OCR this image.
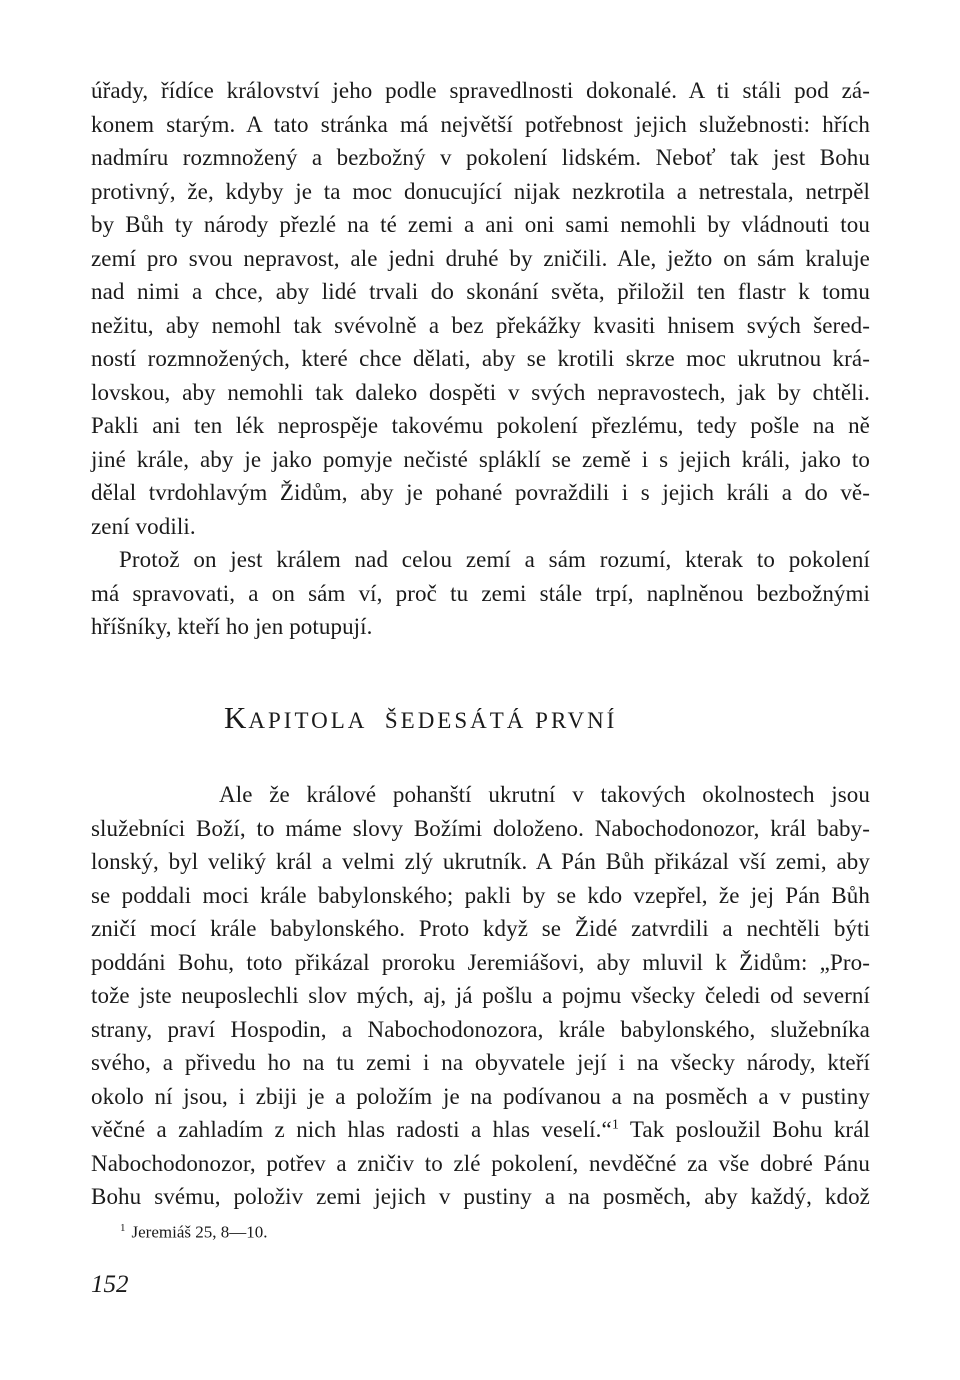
úřady, řídíce království jeho podle spravedlnosti dokonalé. A ti stáli pod zá-
konem starým. A tato stránka má největší potřebnost jejich služebnosti: hřích
nadmíru rozmnožený a bezbožný v pokolení lidském. Neboť tak jest Bohu
protivný, že, kdyby je ta moc donucující nijak nezkrotila a netrestala, netrpěl
by Bůh ty národy přezlé na té zemi a ani oni sami nemohli by vládnouti tou
zemí pro svou nepravost, ale jedni druhé by zničili. Ale, ježto on sám kraluje
nad nimi a chce, aby lidé trvali do skonání světa, přiložil ten flastr k tomu
nežitu, aby nemohl tak svévolně a bez překážky kvasiti hnisem svých šered-
ností rozmnožených, které chce dělati, aby se krotili skrze moc ukrutnou krá-
lovskou, aby nemohli tak daleko dospěti v svých nepravostech, jak by chtěli.
Pakli ani ten lék neprospěje takovému pokolení přezlému, tedy pošle na ně
jiné krále, aby je jako pomyje nečisté spláklí se země i s jejich králi, jako to
dělal tvrdohlavým Židům, aby je pohané povraždili i s jejich králi a do vě-
zení vodili.
Protož on jest králem nad celou zemí a sám rozumí, kterak to pokolení
má spravovati, a on sám ví, proč tu zemi stále trpí, naplněnou bezbožnými
hříšníky, kteří ho jen potupují.
KAPITOLA ŠEDESÁTÁ PRVNÍ
Ale že králové pohanští ukrutní v takových okolnostech jsou
služebníci Boží, to máme slovy Božími doloženo. Nabochodonozor, král baby-
lonský, byl veliký král a velmi zlý ukrutník. A Pán Bůh přikázal vší zemi, aby
se poddali moci krále babylonského; pakli by se kdo vzepřel, že jej Pán Bůh
zničí mocí krále babylonského. Proto když se Židé zatvrdili a nechtěli býti
poddáni Bohu, toto přikázal proroku Jeremiášovi, aby mluvil k Židům: „Pro-
tože jste neuposlechli slov mých, aj, já pošlu a pojmu všecky čeledi od severní
strany, praví Hospodin, a Nabochodonozora, krále babylonského, služebníka
svého, a přivedu ho na tu zemi i na obyvatele její i na všecky národy, kteří
okolo ní jsou, i zbiji je a položím je na podívanou a na posměch a v pustiny
věčné a zahladím z nich hlas radosti a hlas veselí.“$^1$ Tak posloužil Bohu král
Nabochodonozor, potřev a zničiv to zlé pokolení, nevděčné za vše dobré Pánu
Bohu svému, položiv zemi jejich v pustiny a na posměch, aby každý, kdož
$^1$ Jeremiáš 25, 8—10.
152
